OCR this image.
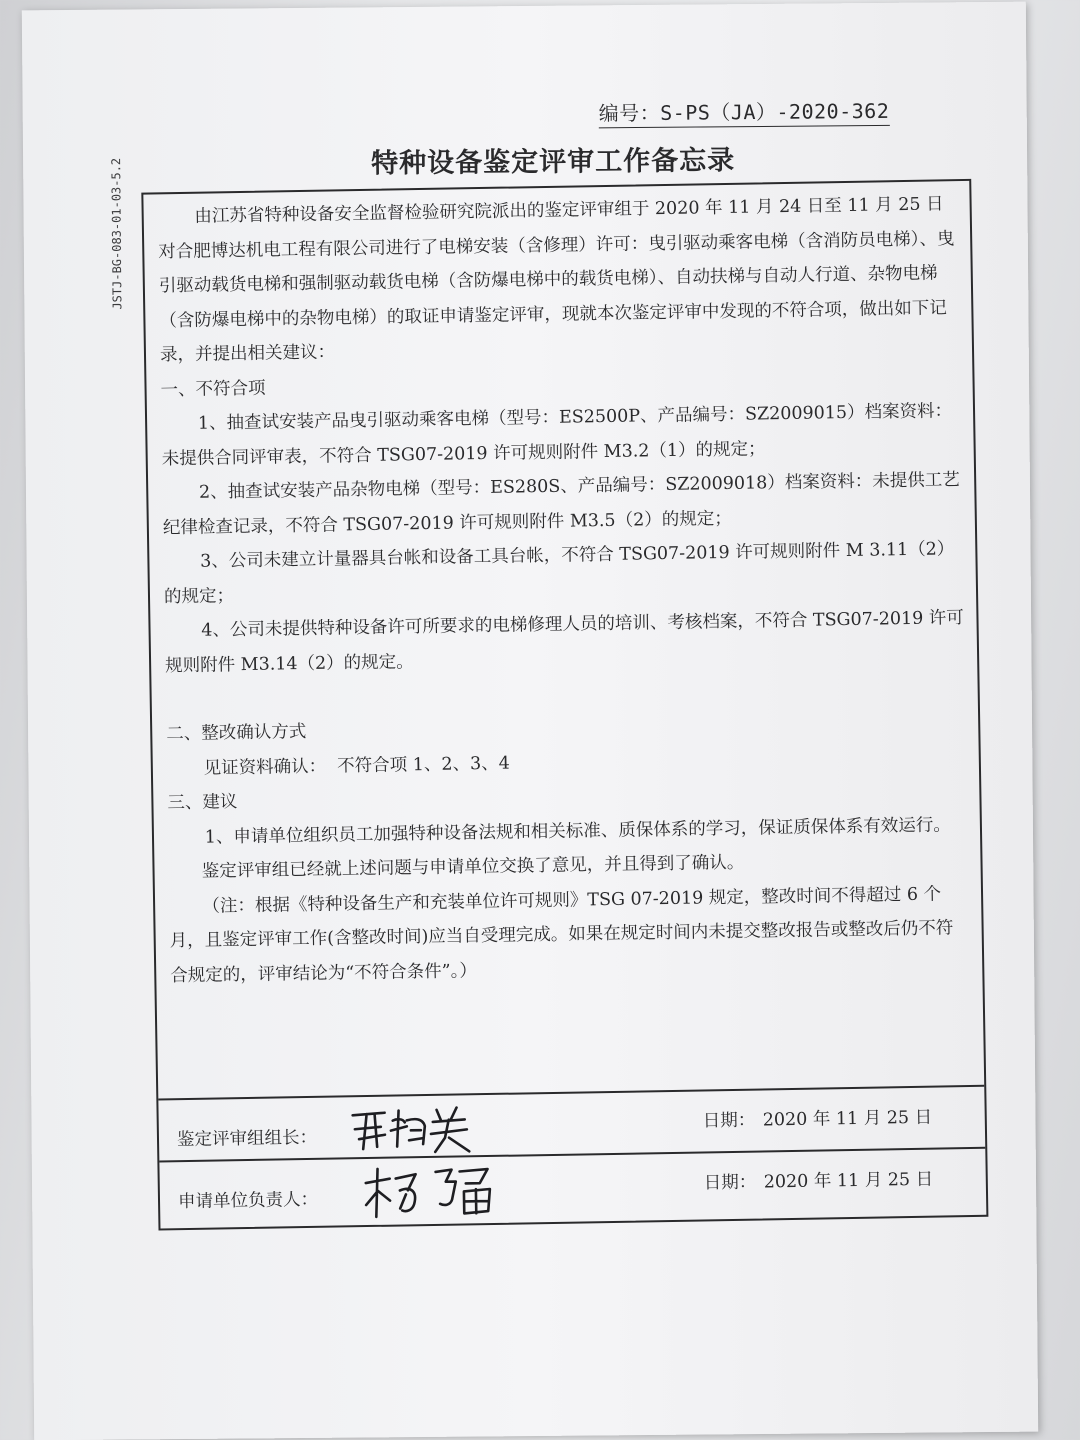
编号：S-PS（JA）-2020-362
特种设备鉴定评审工作备忘录
JSTJ-BG-083-01-03-5.2	由江苏省特种设备安全监督检验研究院派出的鉴定评审组于 2020 年 11 月 24 日至 11 月 25 日对合肥博达机电工程有限公司进行了电梯安装（含修理）许可：曳引驱动乘客电梯（含消防员电梯）、曳引驱动载货电梯和强制驱动载货电梯（含防爆电梯中的载货电梯）、自动扶梯与自动人行道、杂物电梯（含防爆电梯中的杂物电梯）的取证申请鉴定评审，现就本次鉴定评审中发现的不符合项，做出如下记录，并提出相关建议：

一、不符合项

1、抽查试安装产品曳引驱动乘客电梯（型号：ES2500P、产品编号：SZ2009015）档案资料：未提供合同评审表，不符合 TSG07-2019 许可规则附件 M3.2（1）的规定；

2、抽查试安装产品杂物电梯（型号：ES280S、产品编号：SZ2009018）档案资料：未提供工艺纪律检查记录，不符合 TSG07-2019 许可规则附件 M3.5（2）的规定；

3、公司未建立计量器具台帐和设备工具台帐，不符合 TSG07-2019 许可规则附件 M 3.11（2）的规定；

4、公司未提供特种设备许可所要求的电梯修理人员的培训、考核档案，不符合 TSG07-2019 许可规则附件 M3.14（2）的规定。

二、整改确认方式

见证资料确认：  不符合项 1、2、3、4

三、建议

1、申请单位组织员工加强特种设备法规和相关标准、质保体系的学习，保证质保体系有效运行。

鉴定评审组已经就上述问题与申请单位交换了意见，并且得到了确认。

（注：根据《特种设备生产和充装单位许可规则》TSG 07-2019 规定，整改时间不得超过 6 个月，且鉴定评审工作(含整改时间)应当自受理完成。如果在规定时间内未提交整改报告或整改后仍不符合规定的，评审结论为“不符合条件”。）

鉴定评审组组长：
日期： 2020 年 11 月 25 日
申请单位负责人：
日期： 2020 年 11 月 25 日
